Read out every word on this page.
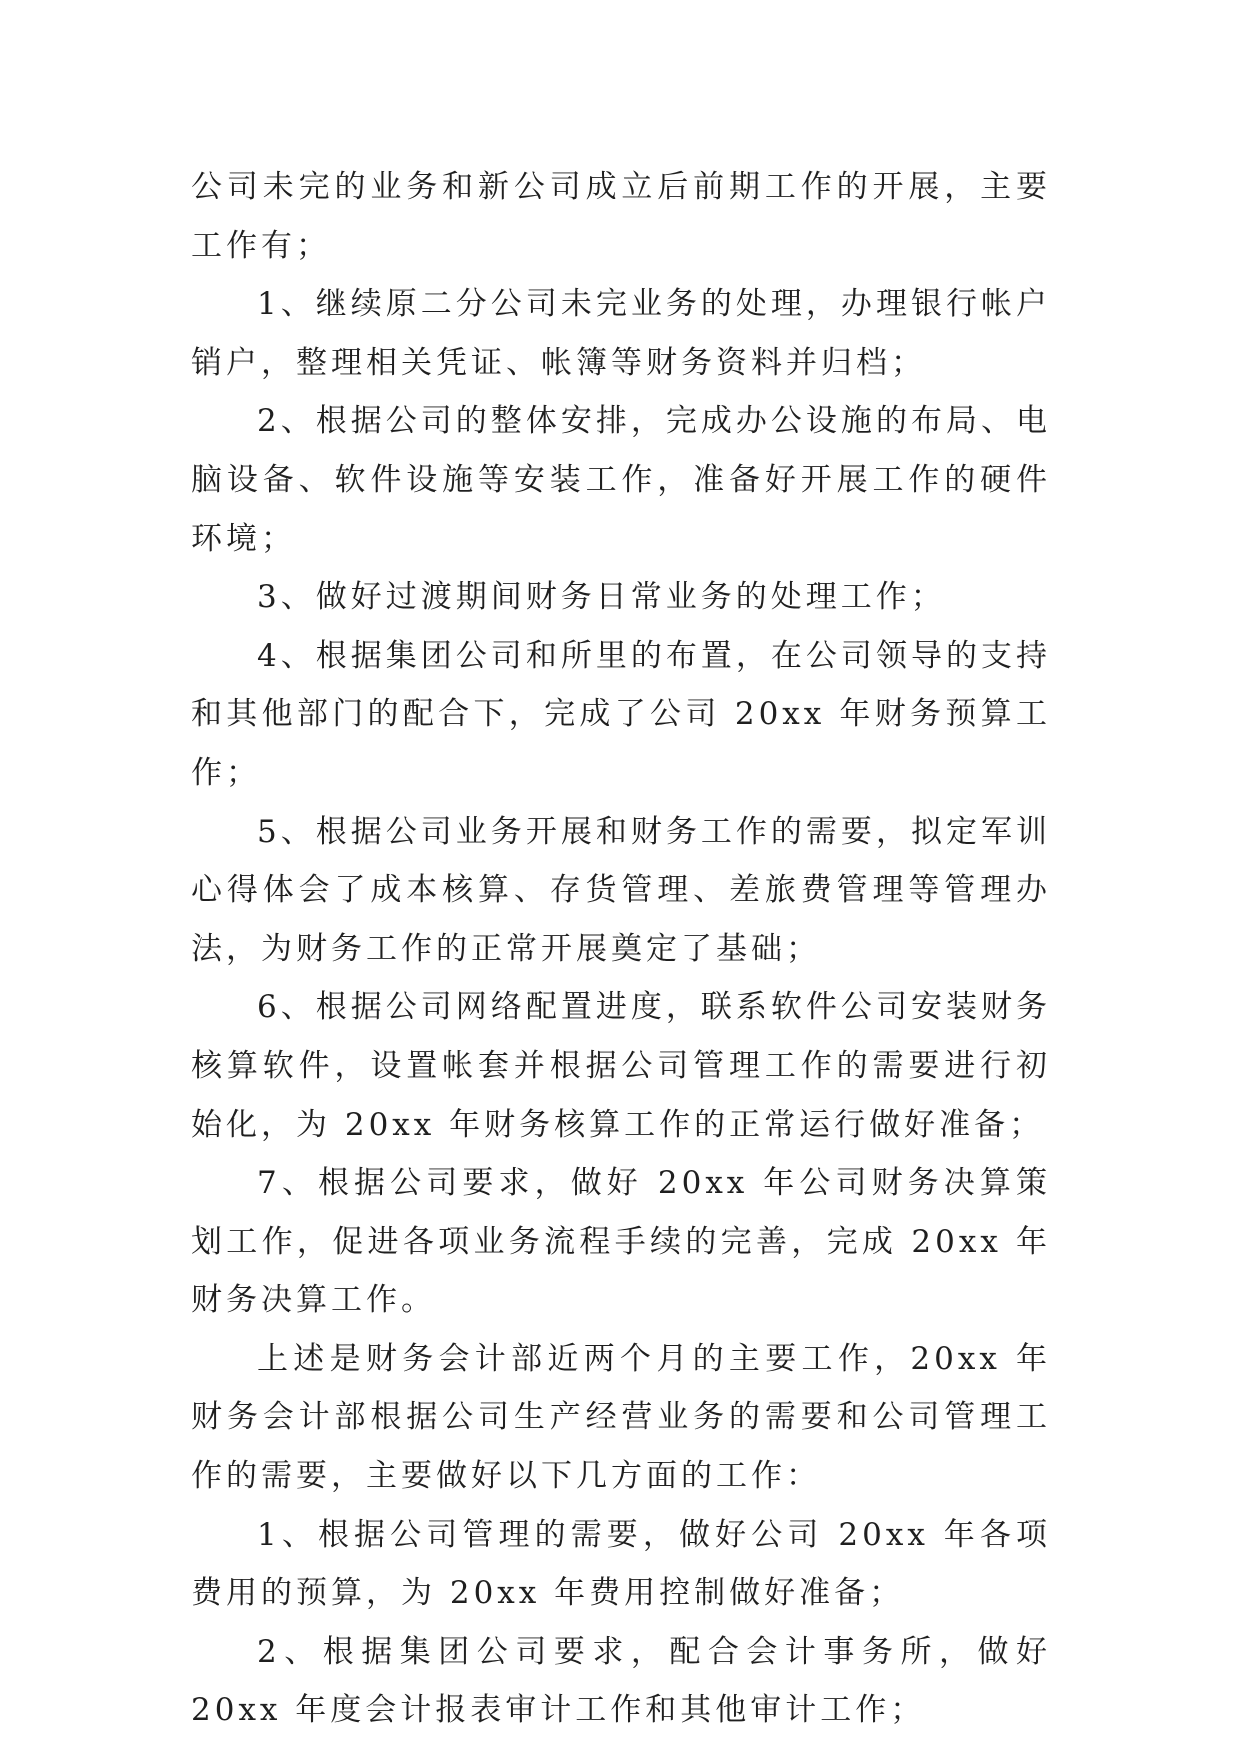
公司未完的业务和新公司成立后前期工作的开展，主要工作有；

1、继续原二分公司未完业务的处理，办理银行帐户销户，整理相关凭证、帐簿等财务资料并归档；

2、根据公司的整体安排，完成办公设施的布局、电脑设备、软件设施等安装工作，准备好开展工作的硬件环境；

3、做好过渡期间财务日常业务的处理工作；

4、根据集团公司和所里的布置，在公司领导的支持和其他部门的配合下，完成了公司 20xx 年财务预算工作；

5、根据公司业务开展和财务工作的需要，拟定军训心得体会了成本核算、存货管理、差旅费管理等管理办法，为财务工作的正常开展奠定了基础；

6、根据公司网络配置进度，联系软件公司安装财务核算软件，设置帐套并根据公司管理工作的需要进行初始化，为 20xx 年财务核算工作的正常运行做好准备；

7、根据公司要求，做好 20xx 年公司财务决算策划工作，促进各项业务流程手续的完善，完成 20xx 年财务决算工作。

上述是财务会计部近两个月的主要工作，20xx 年财务会计部根据公司生产经营业务的需要和公司管理工作的需要，主要做好以下几方面的工作：

1、根据公司管理的需要，做好公司 20xx 年各项费用的预算，为 20xx 年费用控制做好准备；

2、根据集团公司要求，配合会计事务所，做好 20xx 年度会计报表审计工作和其他审计工作；
